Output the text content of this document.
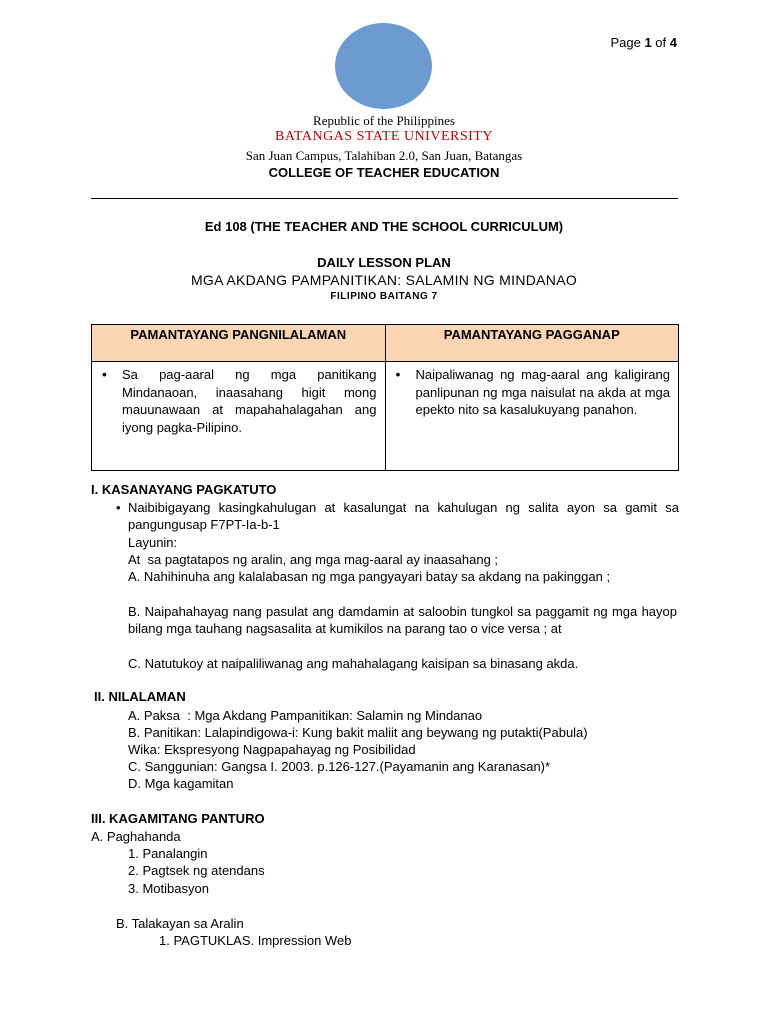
Page 1 of 4
Republic of the Philippines
BATANGAS STATE UNIVERSITY
San Juan Campus, Talahiban 2.0, San Juan, Batangas
COLLEGE OF TEACHER EDUCATION
Ed 108 (THE TEACHER AND THE SCHOOL CURRICULUM)
DAILY LESSON PLAN
MGA AKDANG PAMPANITIKAN: SALAMIN NG MINDANAO
FILIPINO BAITANG 7
PAMANTAYANG PANGNILALAMAN	PAMANTAYANG PAGGANAP

• Sa pag-aaral ng mga panitikang Mindanaoan, inaasahang higit mong mauunawaan at mapahahalagahan ang iyong pagka-Pilipino.	• Naipaliwanag ng mag-aaral ang kaligirang panlipunan ng mga naisulat na akda at mga epekto nito sa kasalukuyang panahon.
I. KASANAYANG PAGKATUTO
• Naibibigayang kasingkahulugan at kasalungat na kahulugan ng salita ayon sa gamit sa pangungusap F7PT-Ia-b-1
Layunin:
At  sa pagtatapos ng aralin, ang mga mag-aaral ay inaasahang ;
A. Nahihinuha ang kalalabasan ng mga pangyayari batay sa akdang na pakinggan ;
B. Naipahahayag nang pasulat ang damdamin at saloobin tungkol sa paggamit ng mga hayop bilang mga tauhang nagsasalita at kumikilos na parang tao o vice versa ; at
C. Natutukoy at naipaliliwanag ang mahahalagang kaisipan sa binasang akda.
II. NILALAMAN
A. Paksa  : Mga Akdang Pampanitikan: Salamin ng Mindanao
B. Panitikan: Lalapindigowa-i: Kung bakit maliit ang beywang ng putakti(Pabula)
Wika: Ekspresyong Nagpapahayag ng Posibilidad
C. Sanggunian: Gangsa I. 2003. p.126-127.(Payamanin ang Karanasan)*
D. Mga kagamitan
III. KAGAMITANG PANTURO
A. Paghahanda
1. Panalangin
2. Pagtsek ng atendans
3. Motibasyon
B. Talakayan sa Aralin
1. PAGTUKLAS. Impression Web
